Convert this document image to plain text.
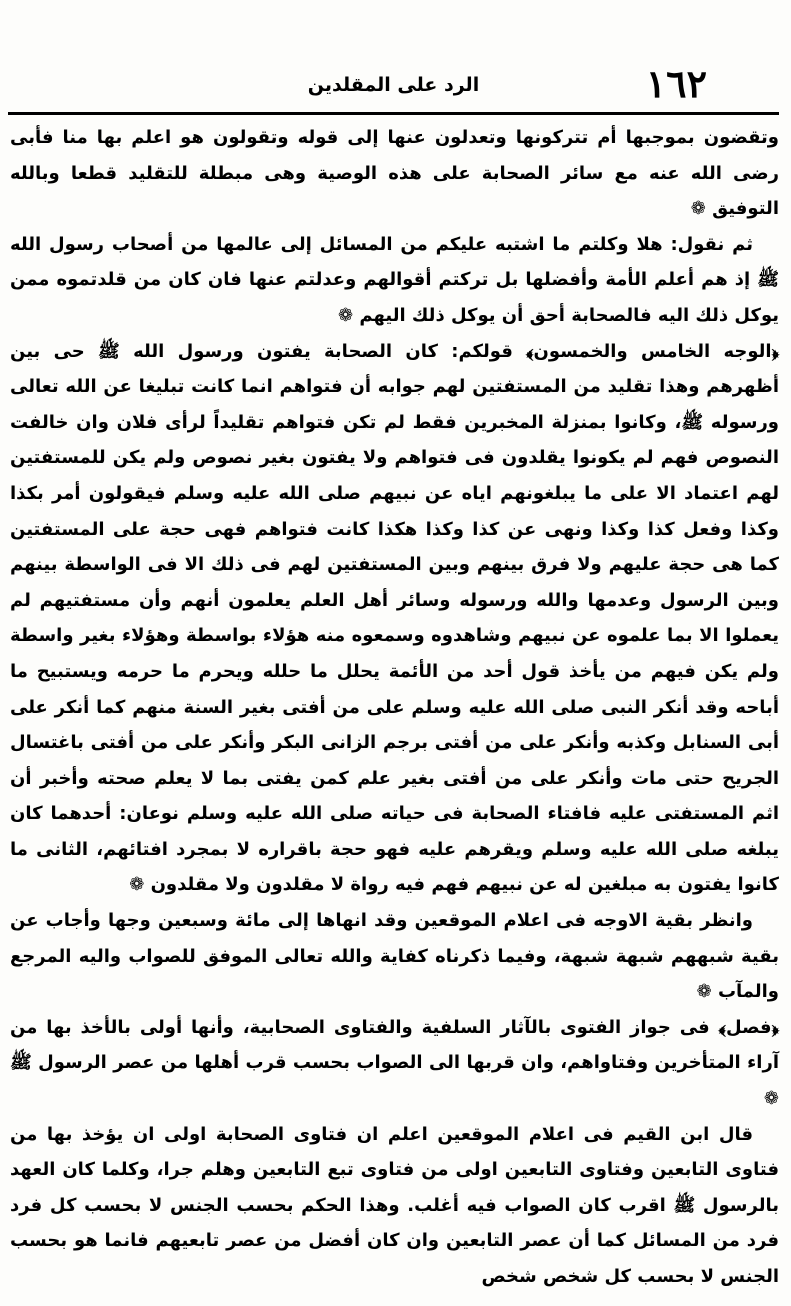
١٦٢
الرد على المقلدين

وتقضون بموجبها أم تتركونها وتعدلون عنها إلى قوله وتقولون هو اعلم بها منا فأبى رضى الله عنه مع سائر الصحابة على هذه الوصية وهى مبطلة للتقليد قطعا وبالله التوفيق ❁

ثم نقول: هلا وكلتم ما اشتبه عليكم من المسائل إلى عالمها من أصحاب رسول الله ﷺ إذ هم أعلم الأمة وأفضلها بل تركتم أقوالهم وعدلتم عنها فان كان من قلدتموه ممن يوكل ذلك اليه فالصحابة أحق أن يوكل ذلك اليهم ❁

﴿الوجه الخامس والخمسون﴾ قولكم: كان الصحابة يفتون ورسول الله ﷺ حى بين أظهرهم وهذا تقليد من المستفتين لهم جوابه أن فتواهم انما كانت تبليغا عن الله تعالى ورسوله ﷺ، وكانوا بمنزلة المخبرين فقط لم تكن فتواهم تقليداً لرأى فلان وان خالفت النصوص فهم لم يكونوا يقلدون فى فتواهم ولا يفتون بغير نصوص ولم يكن للمستفتين لهم اعتماد الا على ما يبلغونهم اياه عن نبيهم صلى الله عليه وسلم فيقولون أمر بكذا وكذا وفعل كذا وكذا ونهى عن كذا وكذا هكذا كانت فتواهم فهى حجة على المستفتين كما هى حجة عليهم ولا فرق بينهم وبين المستفتين لهم فى ذلك الا فى الواسطة بينهم وبين الرسول وعدمها والله ورسوله وسائر أهل العلم يعلمون أنهم وأن مستفتيهم لم يعملوا الا بما علموه عن نبيهم وشاهدوه وسمعوه منه هؤلاء بواسطة وهؤلاء بغير واسطة ولم يكن فيهم من يأخذ قول أحد من الأئمة يحلل ما حلله ويحرم ما حرمه ويستبيح ما أباحه وقد أنكر النبى صلى الله عليه وسلم على من أفتى بغير السنة منهم كما أنكر على أبى السنابل وكذبه وأنكر على من أفتى برجم الزانى البكر وأنكر على من أفتى باغتسال الجريح حتى مات وأنكر على من أفتى بغير علم كمن يفتى بما لا يعلم صحته وأخبر أن اثم المستفتى عليه فافتاء الصحابة فى حياته صلى الله عليه وسلم نوعان: أحدهما كان يبلغه صلى الله عليه وسلم ويقرهم عليه فهو حجة باقراره لا بمجرد افتائهم، الثانى ما كانوا يفتون به مبلغين له عن نبيهم فهم فيه رواة لا مقلدون ولا مقلدون ❁

وانظر بقية الاوجه فى اعلام الموقعين وقد انهاها إلى مائة وسبعين وجها وأجاب عن بقية شبههم شبهة شبهة، وفيما ذكرناه كفاية والله تعالى الموفق للصواب واليه المرجع والمآب ❁

﴿فصل﴾ فى جواز الفتوى بالآثار السلفية والفتاوى الصحابية، وأنها أولى بالأخذ بها من آراء المتأخرين وفتاواهم، وان قربها الى الصواب بحسب قرب أهلها من عصر الرسول ﷺ ❁

قال ابن القيم فى اعلام الموقعين اعلم ان فتاوى الصحابة اولى ان يؤخذ بها من فتاوى التابعين وفتاوى التابعين اولى من فتاوى تبع التابعين وهلم جرا، وكلما كان العهد بالرسول ﷺ اقرب كان الصواب فيه أغلب. وهذا الحكم بحسب الجنس لا بحسب كل فرد فرد من المسائل كما أن عصر التابعين وان كان أفضل من عصر تابعيهم فانما هو بحسب الجنس لا بحسب كل شخص شخص
